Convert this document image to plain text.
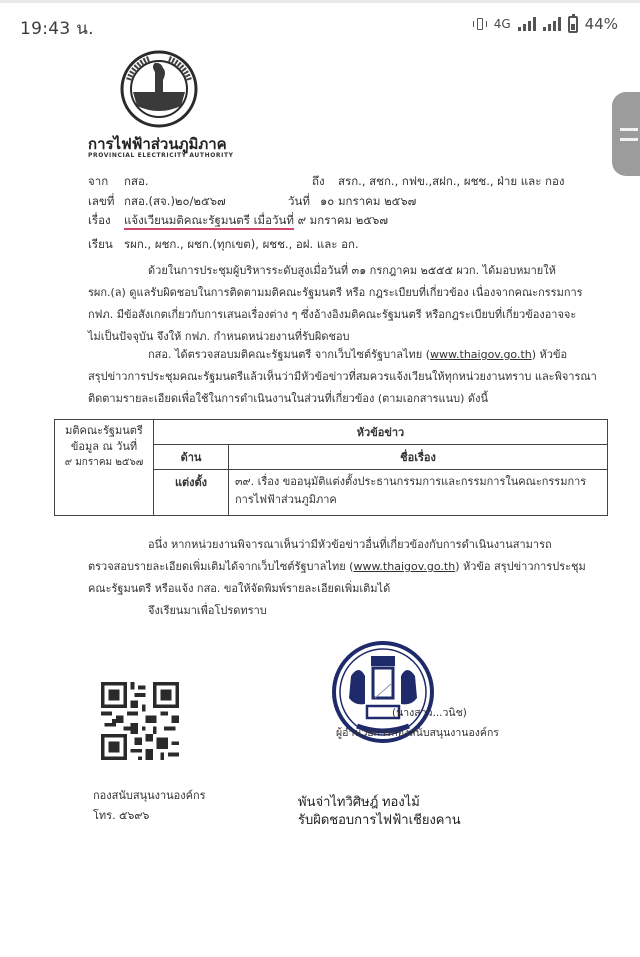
19:43 น.	4G	44%
การไฟฟ้าส่วนภูมิภาค
PROVINCIAL ELECTRICITY AUTHORITY
จาก กสอ.	ถึง สรก., สชก., กฟข.,สฝก., ผชช., ฝ่าย และ กอง
เลขที่ กสอ.(สจ.)๒๐/๒๕๖๗	วันที่ ๑๐ มกราคม ๒๕๖๗
เรื่อง แจ้งเวียนมติคณะรัฐมนตรี เมื่อวันที่ ๙ มกราคม ๒๕๖๗
เรียน รผก., ผชก., ผชก.(ทุกเขต), ผชช., อฝ. และ อก.
ด้วยในการประชุมผู้บริหารระดับสูงเมื่อวันที่ ๓๑ กรกฎาคม ๒๕๕๕ ผวก. ได้มอบหมายให้
รผก.(ล) ดูแลรับผิดชอบในการติดตามมติคณะรัฐมนตรี หรือ กฎระเบียบที่เกี่ยวข้อง เนื่องจากคณะกรรมการ
กฟภ. มีข้อสังเกตเกี่ยวกับการเสนอเรื่องต่าง ๆ ซึ่งอ้างอิงมติคณะรัฐมนตรี หรือกฎระเบียบที่เกี่ยวข้องอาจจะ
ไม่เป็นปัจจุบัน จึงให้ กฟภ. กำหนดหน่วยงานที่รับผิดชอบ
กสอ. ได้ตรวจสอบมติคณะรัฐมนตรี จากเว็บไซต์รัฐบาลไทย (www.thaigov.go.th) หัวข้อ
สรุปข่าวการประชุมคณะรัฐมนตรีแล้วเห็นว่ามีหัวข้อข่าวที่สมควรแจ้งเวียนให้ทุกหน่วยงานทราบ และพิจารณา
ติดตามรายละเอียดเพื่อใช้ในการดำเนินงานในส่วนที่เกี่ยวข้อง (ตามเอกสารแนบ) ดังนี้
มติคณะรัฐมนตรี
ข้อมูล ณ วันที่
๙ มกราคม ๒๕๖๗	หัวข้อข่าว	
	ด้าน	ชื่อเรื่อง
	แต่งตั้ง	๓๙. เรื่อง ขออนุมัติแต่งตั้งประธานกรรมการและกรรมการในคณะกรรมการการไฟฟ้าส่วนภูมิภาค
อนึ่ง หากหน่วยงานพิจารณาเห็นว่ามีหัวข้อข่าวอื่นที่เกี่ยวข้องกับการดำเนินงานสามารถ
ตรวจสอบรายละเอียดเพิ่มเติมได้จากเว็บไซต์รัฐบาลไทย (www.thaigov.go.th) หัวข้อ สรุปข่าวการประชุม
คณะรัฐมนตรี หรือแจ้ง กสอ. ขอให้จัดพิมพ์รายละเอียดเพิ่มเติมได้
จึงเรียนมาเพื่อโปรดทราบ
(นางสาว...วนิช)
ผู้อำนวยการกองสนับสนุนงานองค์กร
กองสนับสนุนงานองค์กร
โทร. ๕๖๙๖
พันจ่าไทวิศิษฎ์ ทองไม้
รับผิดชอบการไฟฟ้าเชียงคาน
